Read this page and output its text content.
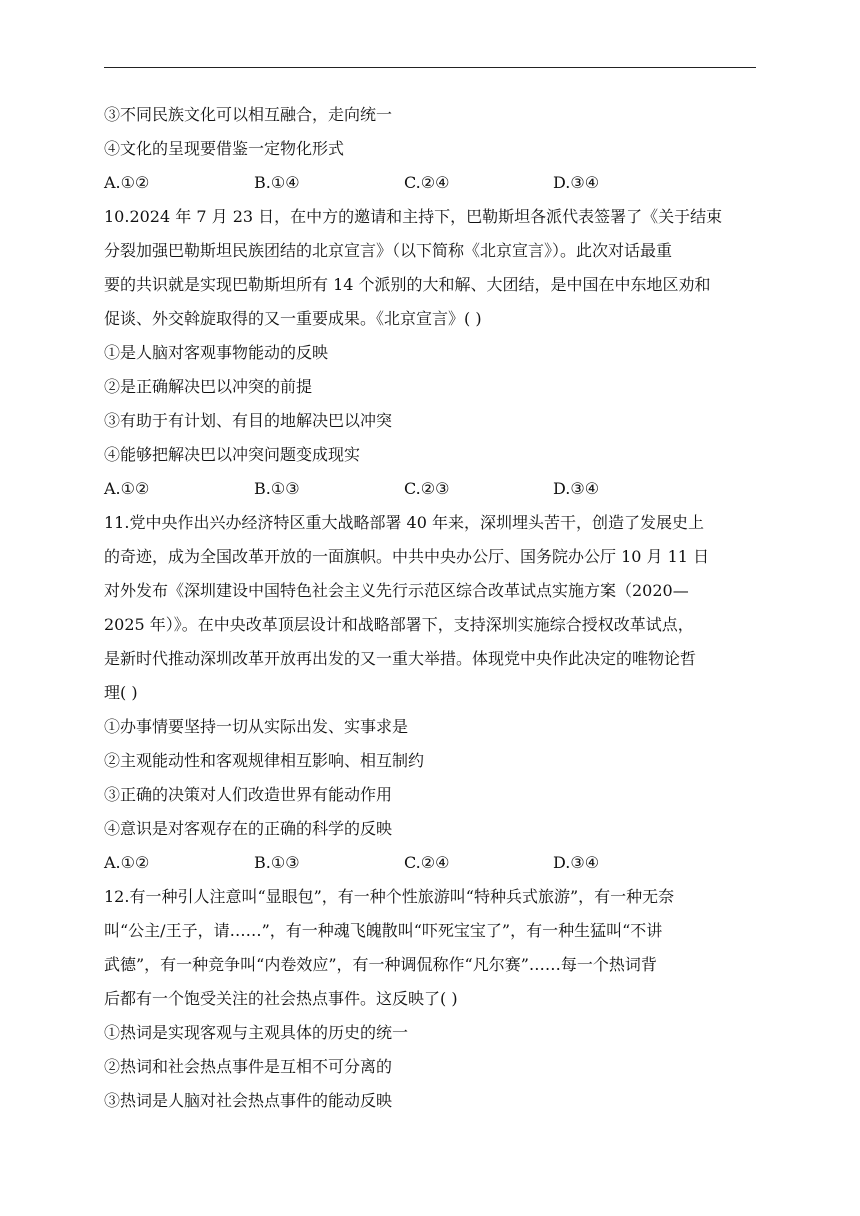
③不同民族文化可以相互融合，走向统一
④文化的呈现要借鉴一定物化形式
A.①②	B.①④	C.②④	D.③④
10.2024 年 7 月 23 日，在中方的邀请和主持下，巴勒斯坦各派代表签署了《关于结束
分裂加强巴勒斯坦民族团结的北京宣言》（以下简称《北京宣言》）。此次对话最重
要的共识就是实现巴勒斯坦所有 14 个派别的大和解、大团结，是中国在中东地区劝和
促谈、外交斡旋取得的又一重要成果。《北京宣言》( )
①是人脑对客观事物能动的反映
②是正确解决巴以冲突的前提
③有助于有计划、有目的地解决巴以冲突
④能够把解决巴以冲突问题变成现实
A.①②	B.①③	C.②③	D.③④
11.党中央作出兴办经济特区重大战略部署 40 年来，深圳埋头苦干，创造了发展史上
的奇迹，成为全国改革开放的一面旗帜。中共中央办公厅、国务院办公厅 10 月 11 日
对外发布《深圳建设中国特色社会主义先行示范区综合改革试点实施方案（2020—
2025 年）》。在中央改革顶层设计和战略部署下，支持深圳实施综合授权改革试点，
是新时代推动深圳改革开放再出发的又一重大举措。体现党中央作此决定的唯物论哲
理( )
①办事情要坚持一切从实际出发、实事求是
②主观能动性和客观规律相互影响、相互制约
③正确的决策对人们改造世界有能动作用
④意识是对客观存在的正确的科学的反映
A.①②	B.①③	C.②④	D.③④
12.有一种引人注意叫“显眼包”，有一种个性旅游叫“特种兵式旅游”，有一种无奈
叫“公主/王子，请……”，有一种魂飞魄散叫“吓死宝宝了”，有一种生猛叫“不讲
武德”，有一种竞争叫“内卷效应”，有一种调侃称作“凡尔赛”……每一个热词背
后都有一个饱受关注的社会热点事件。这反映了( )
①热词是实现客观与主观具体的历史的统一
②热词和社会热点事件是互相不可分离的
③热词是人脑对社会热点事件的能动反映
